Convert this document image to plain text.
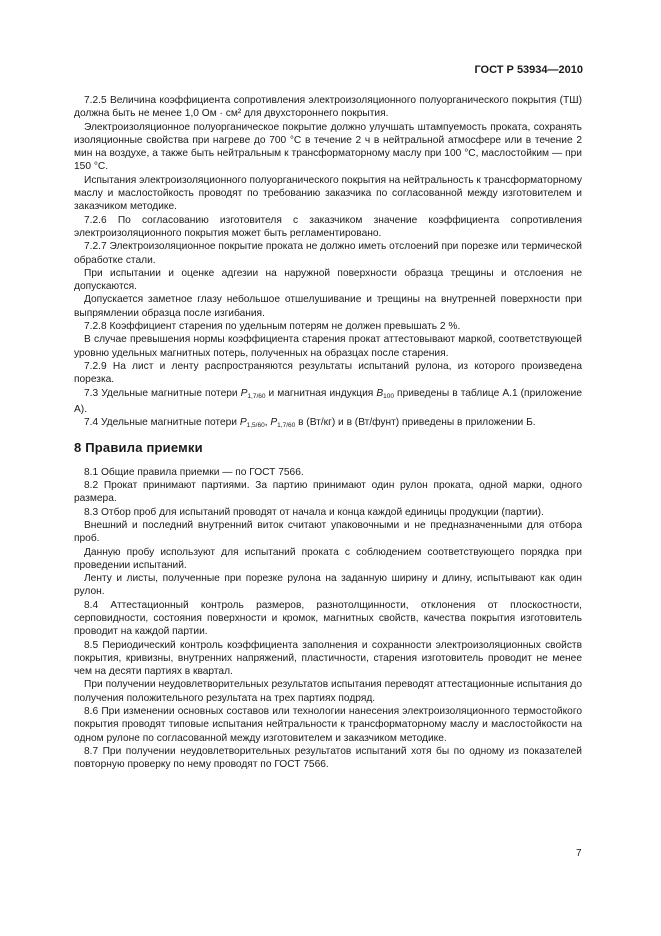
ГОСТ Р 53934—2010

7.2.5 Величина коэффициента сопротивления электроизоляционного полуорганического покрытия (ТШ) должна быть не менее 1,0 Ом · см² для двухстороннего покрытия.

Электроизоляционное полуорганическое покрытие должно улучшать штампуемость проката, сохранять изоляционные свойства при нагреве до 700 °С в течение 2 ч в нейтральной атмосфере или в течение 2 мин на воздухе, а также быть нейтральным к трансформаторному маслу при 100 °С, маслостойким — при 150 °С.

Испытания электроизоляционного полуорганического покрытия на нейтральность к трансформаторному маслу и маслостойкость проводят по требованию заказчика по согласованной между изготовителем и заказчиком методике.

7.2.6 По согласованию изготовителя с заказчиком значение коэффициента сопротивления электроизоляционного покрытия может быть регламентировано.

7.2.7 Электроизоляционное покрытие проката не должно иметь отслоений при порезке или термической обработке стали.

При испытании и оценке адгезии на наружной поверхности образца трещины и отслоения не допускаются.

Допускается заметное глазу небольшое отшелушивание и трещины на внутренней поверхности при выпрямлении образца после изгибания.

7.2.8 Коэффициент старения по удельным потерям не должен превышать 2 %.

В случае превышения нормы коэффициента старения прокат аттестовывают маркой, соответствующей уровню удельных магнитных потерь, полученных на образцах после старения.

7.2.9 На лист и ленту распространяются результаты испытаний рулона, из которого произведена порезка.

7.3 Удельные магнитные потери $P_{1,7/60}$ и магнитная индукция $B_{100}$ приведены в таблице А.1 (приложение А).

7.4 Удельные магнитные потери $P_{1,5/60}$, $P_{1,7/60}$ в (Вт/кг) и в (Вт/фунт) приведены в приложении Б.

8 Правила приемки

8.1 Общие правила приемки — по ГОСТ 7566.

8.2 Прокат принимают партиями. За партию принимают один рулон проката, одной марки, одного размера.

8.3 Отбор проб для испытаний проводят от начала и конца каждой единицы продукции (партии).

Внешний и последний внутренний виток считают упаковочными и не предназначенными для отбора проб.

Данную пробу используют для испытаний проката с соблюдением соответствующего порядка при проведении испытаний.

Ленту и листы, полученные при порезке рулона на заданную ширину и длину, испытывают как один рулон.

8.4 Аттестационный контроль размеров, разнотолщинности, отклонения от плоскостности, серповидности, состояния поверхности и кромок, магнитных свойств, качества покрытия изготовитель проводит на каждой партии.

8.5 Периодический контроль коэффициента заполнения и сохранности электроизоляционных свойств покрытия, кривизны, внутренних напряжений, пластичности, старения изготовитель проводит не менее чем на десяти партиях в квартал.

При получении неудовлетворительных результатов испытания переводят аттестационные испытания до получения положительного результата на трех партиях подряд.

8.6 При изменении основных составов или технологии нанесения электроизоляционного термостойкого покрытия проводят типовые испытания нейтральности к трансформаторному маслу и маслостойкости на одном рулоне по согласованной между изготовителем и заказчиком методике.

8.7 При получении неудовлетворительных результатов испытаний хотя бы по одному из показателей повторную проверку по нему проводят по ГОСТ 7566.

7
